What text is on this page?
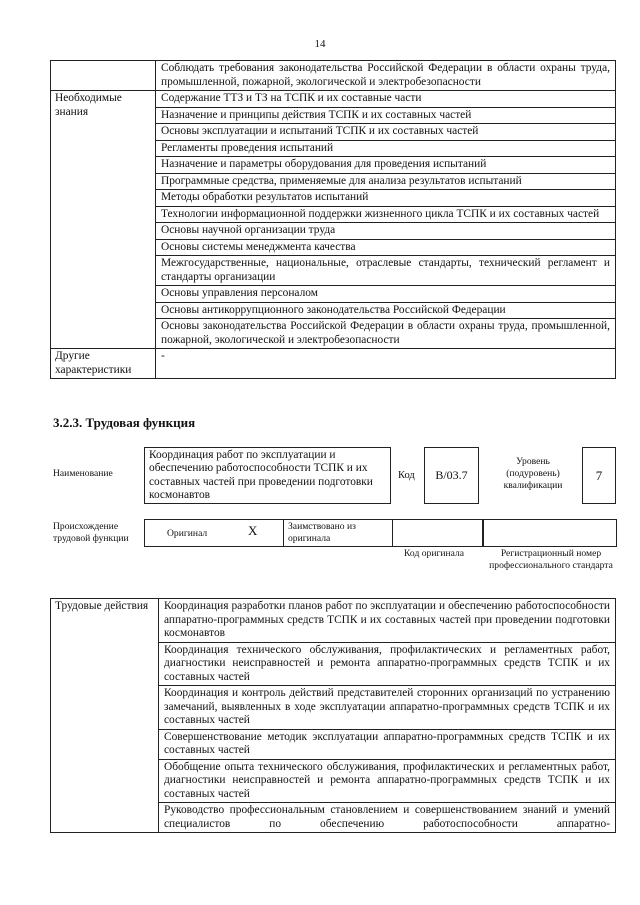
14
	Соблюдать требования законодательства Российской Федерации в области охраны труда, промышленной, пожарной, экологической и электробезопасности
Необходимые знания	Содержание ТТЗ и ТЗ на ТСПК и их составные части
	Назначение и принципы действия ТСПК и их составных частей
	Основы эксплуатации и испытаний ТСПК и их составных частей
	Регламенты проведения испытаний
	Назначение и параметры оборудования для проведения испытаний
	Программные средства, применяемые для анализа результатов испытаний
	Методы обработки результатов испытаний
	Технологии информационной поддержки жизненного цикла ТСПК и их составных частей
	Основы научной организации труда
	Основы системы менеджмента качества
	Межгосударственные, национальные, отраслевые стандарты, технический регламент и стандарты организации
	Основы управления персоналом
	Основы антикоррупционного законодательства Российской Федерации
	Основы законодательства Российской Федерации в области охраны труда, промышленной, пожарной, экологической и электробезопасности
Другие характеристики	-
3.2.3. Трудовая функция
Наименование
Координация работ по эксплуатации и обеспечению работоспособности ТСПК и их составных частей при проведении подготовки космонавтов
Код	В/03.7
Уровень (подуровень) квалификации
7
Происхождение трудовой функции	Оригинал	X	Заимствовано из оригинала
Код оригинала	Регистрационный номер профессионального стандарта
Трудовые действия	Координация разработки планов работ по эксплуатации и обеспечению работоспособности аппаратно-программных средств ТСПК и их составных частей при проведении подготовки космонавтов
Координация технического обслуживания, профилактических и регламентных работ, диагностики неисправностей и ремонта аппаратно-программных средств ТСПК и их составных частей
Координация и контроль действий представителей сторонних организаций по устранению замечаний, выявленных в ходе эксплуатации аппаратно-программных средств ТСПК и их составных частей
Совершенствование методик эксплуатации аппаратно-программных средств ТСПК и их составных частей
Обобщение опыта технического обслуживания, профилактических и регламентных работ, диагностики неисправностей и ремонта аппаратно-программных средств ТСПК и их составных частей
Руководство профессиональным становлением и совершенствованием знаний и умений специалистов по обеспечению работоспособности аппаратно-
